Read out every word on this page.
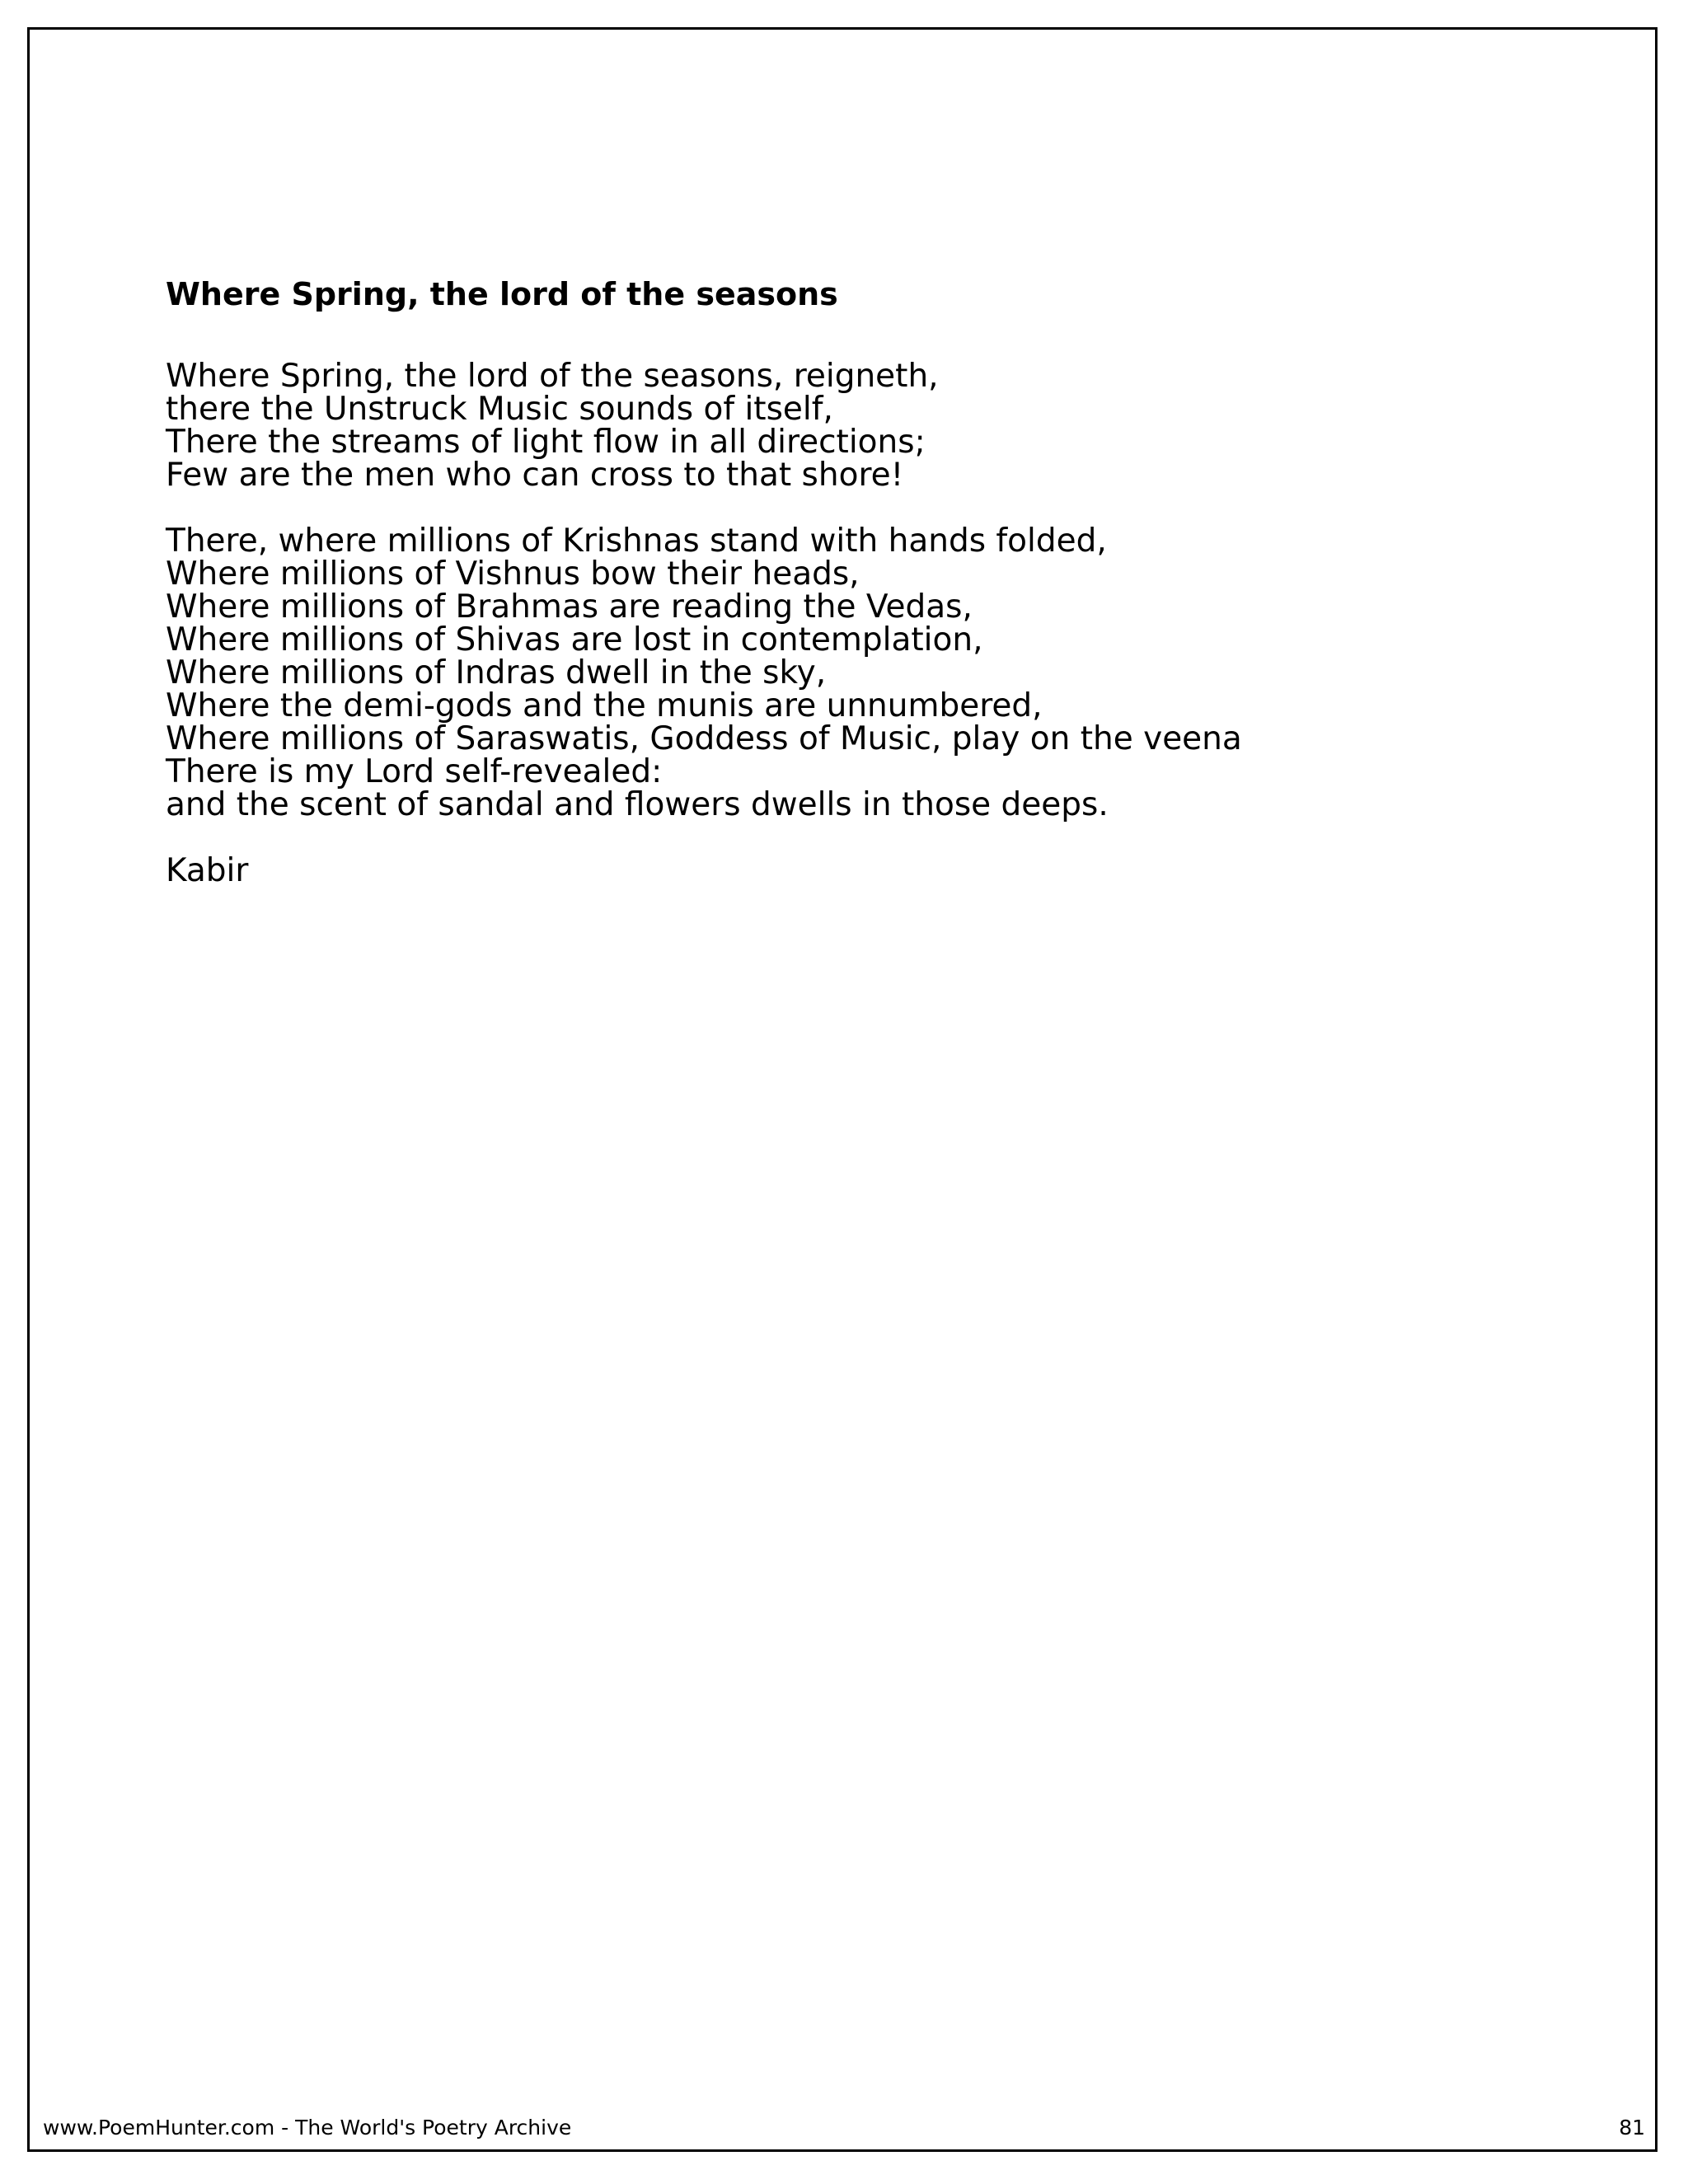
Where Spring, the lord of the seasons
Where Spring, the lord of the seasons, reigneth,
there the Unstruck Music sounds of itself,
There the streams of light flow in all directions;
Few are the men who can cross to that shore!
There, where millions of Krishnas stand with hands folded,
Where millions of Vishnus bow their heads,
Where millions of Brahmas are reading the Vedas,
Where millions of Shivas are lost in contemplation,
Where millions of Indras dwell in the sky,
Where the demi-gods and the munis are unnumbered,
Where millions of Saraswatis, Goddess of Music, play on the veena
There is my Lord self-revealed:
and the scent of sandal and flowers dwells in those deeps.
Kabir
www.PoemHunter.com - The World's Poetry Archive	81
